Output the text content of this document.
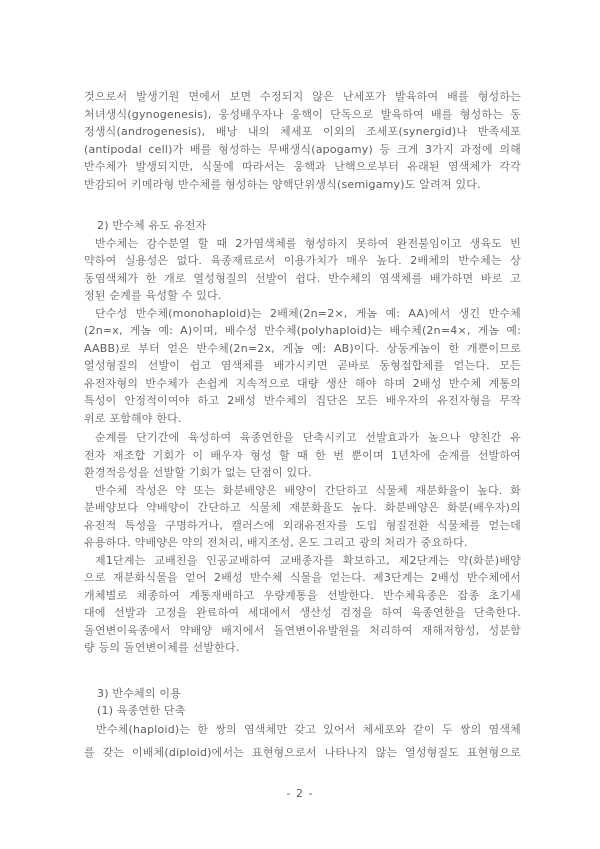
것으로서 발생기원 면에서 보면 수정되지 않은 난세포가 발육하여 배를 형성하는
처녀생식(gynogenesis), 웅성배우자나 웅핵이 단독으로 발육하여 배를 형성하는 동
정생식(androgenesis), 배낭 내의 체세포 이외의 조세포(synergid)나 반족세포
(antipodal cell)가 배를 형성하는 무배생식(apogamy) 등 크게 3가지 과정에 의해
반수체가 발생되지만, 식물에 따라서는 웅핵과 난핵으로부터 유래된 염색체가 각각
반감되어 키메라형 반수체를 형성하는 양핵단위생식(semigamy)도 알려져 있다.
2) 반수체 유도 유전자
반수체는 감수분열 할 때 2가염색체를 형성하지 못하여 완전불임이고 생육도 빈
약하여 실용성은 없다. 육종재료로서 이용가치가 매우 높다. 2배체의 반수체는 상
동염색체가 한 개로 열성형질의 선발이 쉽다. 반수체의 염색체를 배가하면 바로 고
정된 순계를 육성할 수 있다.
단수성 반수체(monohaploid)는 2배체(2n=2×, 게놈 예: AA)에서 생긴 반수체
(2n=x, 게놈 예: A)이며, 배수성 반수체(polyhaploid)는 배수체(2n=4×, 게놈 예:
AABB)로 부터 얻은 반수체(2n=2x, 게놈 예: AB)이다. 상동게놈이 한 개뿐이므로
열성형질의 선발이 쉽고 염색체를 배가시키면 곧바로 동형접합체를 얻는다. 모든
유전자형의 반수체가 손쉽게 지속적으로 대량 생산 해야 하며 2배성 반수체 계통의
특성이 안정적이여야 하고 2배성 반수체의 집단은 모든 배우자의 유전자형을 무작
위로 포함해야 한다.
순계를 단기간에 육성하여 육종연한을 단축시키고 선발효과가 높으나 양친간 유
전자 재조합 기회가 이 배우자 형성 할 때 한 번 뿐이며 1년차에 순계를 선발하여
환경적응성을 선발할 기회가 없는 단점이 있다.
반수체 작성은 약 또는 화분배양은 배양이 간단하고 식물체 재분화율이 높다. 화
분배양보다 약배양이 간단하고 식물체 재분화율도 높다. 화분배양은 화분(배우자)의
유전적 특성을 구명하거나, 캘러스에 외래유전자를 도입 형질전환 식물체를 얻는데
유용하다. 약배양은 약의 전처리, 배지조성, 온도 그리고 광의 처리가 중요하다.
제1단계는 교배친을 인공교배하여 교배종자를 확보하고, 제2단계는 약(화분)배양
으로 재분화식물을 얻어 2배성 반수체 식물을 얻는다. 제3단계는 2배성 반수체에서
개체별로 채종하여 계통재배하고 우량계통을 선발한다. 반수체육종은 잡종 초기세
대에 선발과 고정을 완료하여 세대에서 생산성 검정을 하여 육종연한을 단축한다.
돌연변이육종에서 약배양 배지에서 돌연변이유발원을 처리하여 재해저항성, 성분함
량 등의 돌연변이체를 선발한다.
3) 반수체의 이용
(1) 육종연한 단축
반수체(haploid)는 한 쌍의 염색체만 갖고 있어서 체세포와 같이 두 쌍의 염색체
를 갖는 이배체(diploid)에서는 표현형으로서 나타나지 않는 열성형질도 표현형으로
- 2 -
